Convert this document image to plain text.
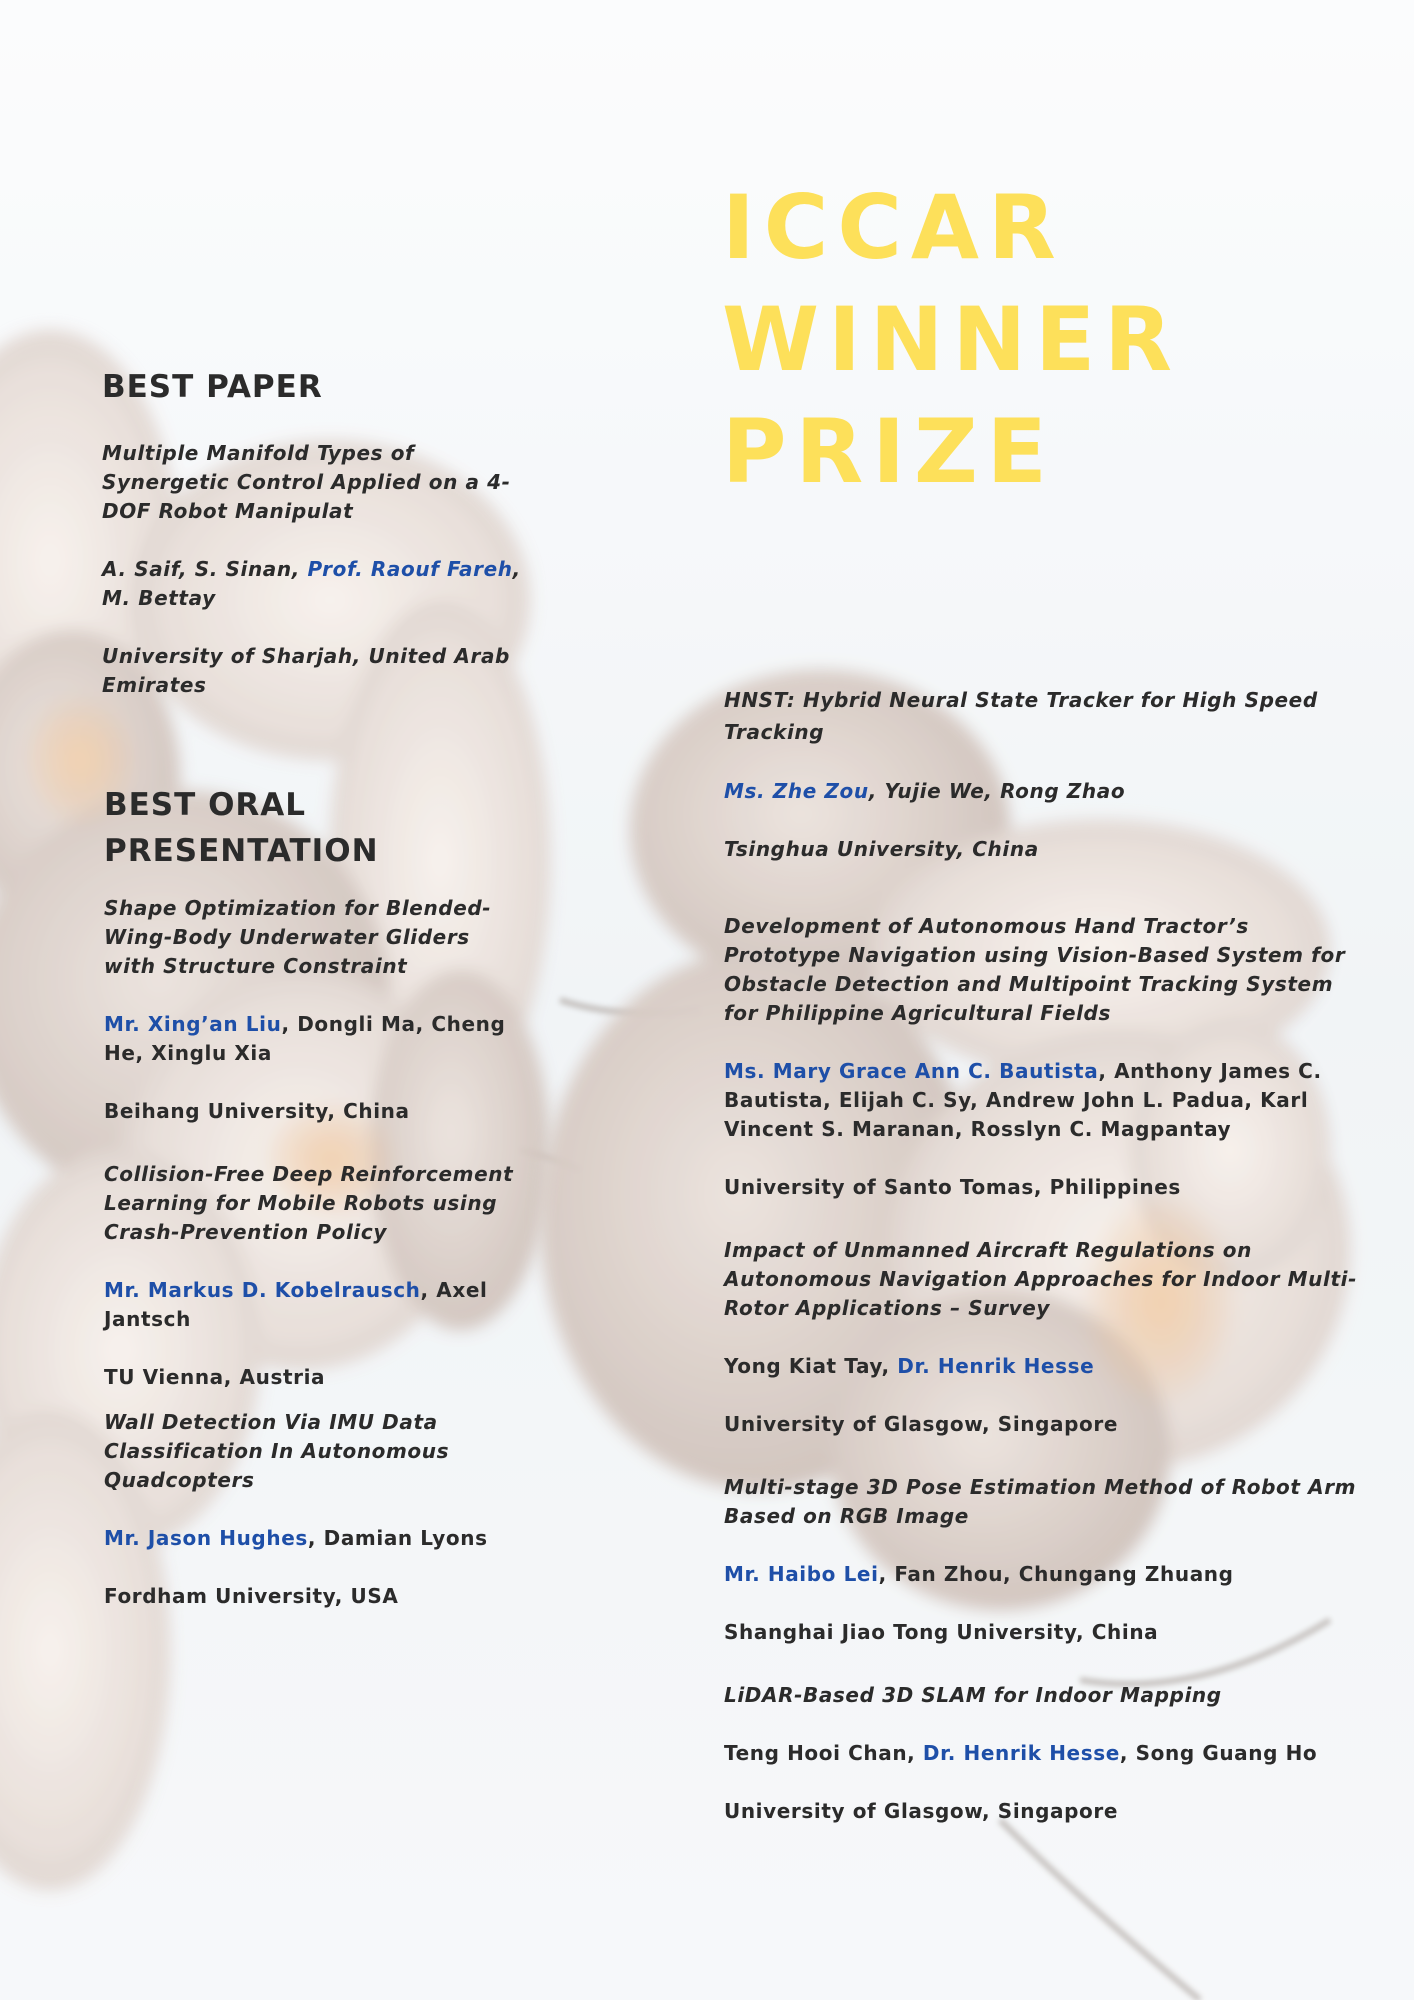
ICCAR
WINNER
PRIZE

BEST PAPER

Multiple Manifold Types of Synergetic Control Applied on a 4-DOF Robot Manipulat

A. Saif, S. Sinan, Prof. Raouf Fareh, M. Bettay

University of Sharjah, United Arab Emirates

BEST ORAL

PRESENTATION

Shape Optimization for Blended-Wing-Body Underwater Gliders with Structure Constraint

Mr. Xing’an Liu, Dongli Ma, Cheng He, Xinglu Xia

Beihang University, China

Collision-Free Deep Reinforcement Learning for Mobile Robots using Crash-Prevention Policy

Mr. Markus D. Kobelrausch, Axel Jantsch

TU Vienna, Austria

Wall Detection Via IMU Data Classification In Autonomous Quadcopters

Mr. Jason Hughes, Damian Lyons

Fordham University, USA

HNST: Hybrid Neural State Tracker for High Speed Tracking

Ms. Zhe Zou, Yujie We, Rong Zhao

Tsinghua University, China

Development of Autonomous Hand Tractor’s Prototype Navigation using Vision-Based System for Obstacle Detection and Multipoint Tracking System for Philippine Agricultural Fields

Ms. Mary Grace Ann C. Bautista, Anthony James C. Bautista, Elijah C. Sy, Andrew John L. Padua, Karl Vincent S. Maranan, Rosslyn C. Magpantay

University of Santo Tomas, Philippines

Impact of Unmanned Aircraft Regulations on Autonomous Navigation Approaches for Indoor Multi-Rotor Applications – Survey

Yong Kiat Tay, Dr. Henrik Hesse

University of Glasgow, Singapore

Multi-stage 3D Pose Estimation Method of Robot Arm Based on RGB Image

Mr. Haibo Lei, Fan Zhou, Chungang Zhuang

Shanghai Jiao Tong University, China

LiDAR-Based 3D SLAM for Indoor Mapping

Teng Hooi Chan, Dr. Henrik Hesse, Song Guang Ho

University of Glasgow, Singapore
